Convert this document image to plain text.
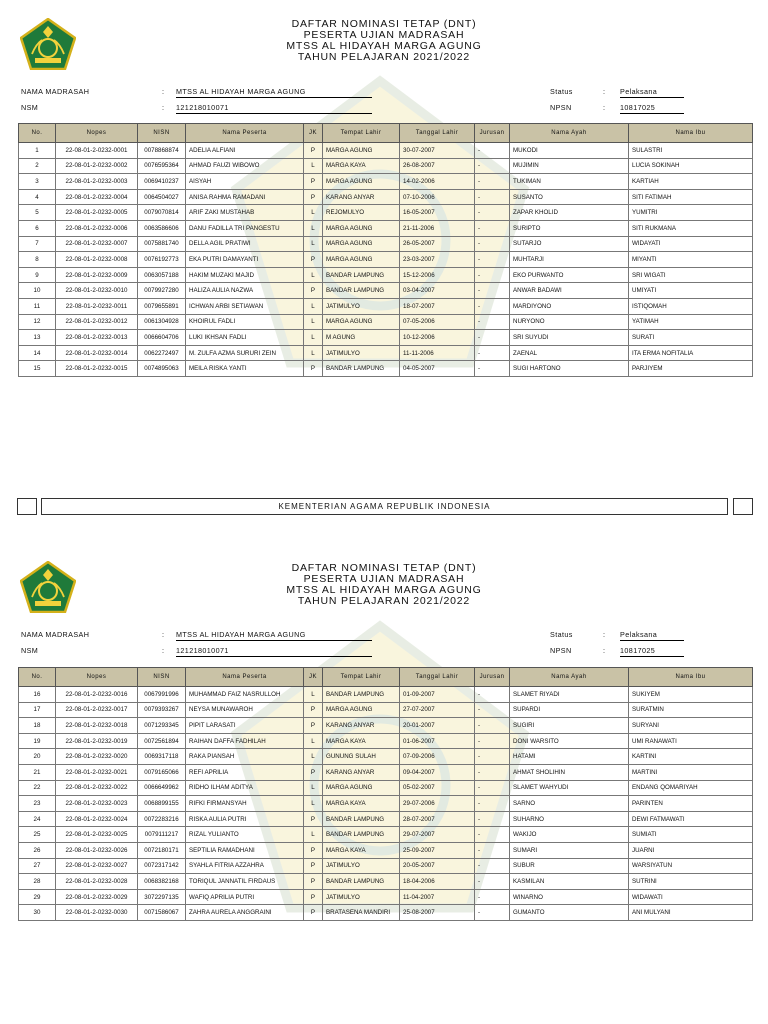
DAFTAR NOMINASI TETAP (DNT)
PESERTA UJIAN MADRASAH
MTSS AL HIDAYAH MARGA AGUNG
TAHUN PELAJARAN 2021/2022
NAMA MADRASAH	: MTSS AL HIDAYAH MARGA AGUNG
NSM	: 121218010071
Status	: Pelaksana
NPSN	: 10817025
No.	Nopes	NISN	Nama Peserta	JK	Tempat Lahir	Tanggal Lahir	Jurusan	Nama Ayah	Nama Ibu
1	22-08-01-2-0232-0001	0078868874	ADELIA ALFIANI	P	MARGA AGUNG	30-07-2007	-	MUKODI	SULASTRI
2	22-08-01-2-0232-0002	0076595364	AHMAD FAUZI WIBOWO	L	MARGA KAYA	26-08-2007	-	MUJIMIN	LUCIA SOKINAH
3	22-08-01-2-0232-0003	0069410237	AISYAH	P	MARGA AGUNG	14-02-2006	-	TUKIMAN	KARTIAH
4	22-08-01-2-0232-0004	0064504027	ANISA RAHMA RAMADANI	P	KARANG ANYAR	07-10-2006	-	SUSANTO	SITI FATIMAH
5	22-08-01-2-0232-0005	0079070814	ARIF ZAKI MUSTAHAB	L	REJOMULYO	16-05-2007	-	ZAPAR KHOLID	YUMITRI
6	22-08-01-2-0232-0006	0063586606	DANU FADILLA TRI PANGESTU	L	MARGA AGUNG	21-11-2006	-	SURIPTO	SITI RUKMANA
7	22-08-01-2-0232-0007	0075881740	DELLA AGIL PRATIWI	L	MARGA AGUNG	26-05-2007	-	SUTARJO	WIDAYATI
8	22-08-01-2-0232-0008	0076192773	EKA PUTRI DAMAYANTI	P	MARGA AGUNG	23-03-2007	-	MUHTARJI	MIYANTI
9	22-08-01-2-0232-0009	0063057188	HAKIM MUZAKI MAJID	L	BANDAR LAMPUNG	15-12-2006	-	EKO PURWANTO	SRI WIGATI
10	22-08-01-2-0232-0010	0079927280	HALIZA AULIA NAZWA	P	BANDAR LAMPUNG	03-04-2007	-	ANWAR BADAWI	UMIYATI
11	22-08-01-2-0232-0011	0079655891	ICHWAN ARBI SETIAWAN	L	JATIMULYO	18-07-2007	-	MARDIYONO	ISTIQOMAH
12	22-08-01-2-0232-0012	0061304928	KHOIRUL FADLI	L	MARGA AGUNG	07-05-2006	-	NURYONO	YATIMAH
13	22-08-01-2-0232-0013	0066604706	LUKI IKHSAN FADLI	L	M AGUNG	10-12-2006	-	SRI SUYUDI	SURATI
14	22-08-01-2-0232-0014	0062272497	M. ZULFA AZMA SURURI ZEIN	L	JATIMULYO	11-11-2006	-	ZAENAL	ITA ERMA NOFITALIA
15	22-08-01-2-0232-0015	0074895063	MEILA RISKA YANTI	P	BANDAR LAMPUNG	04-05-2007	-	SUGI HARTONO	PARJIYEM
KEMENTERIAN AGAMA REPUBLIK INDONESIA
DAFTAR NOMINASI TETAP (DNT)
PESERTA UJIAN MADRASAH
MTSS AL HIDAYAH MARGA AGUNG
TAHUN PELAJARAN 2021/2022
NAMA MADRASAH	: MTSS AL HIDAYAH MARGA AGUNG
NSM	: 121218010071
Status	: Pelaksana
NPSN	: 10817025
No.	Nopes	NISN	Nama Peserta	JK	Tempat Lahir	Tanggal Lahir	Jurusan	Nama Ayah	Nama Ibu
16	22-08-01-2-0232-0016	0067991996	MUHAMMAD FAIZ NASRULLOH	L	BANDAR LAMPUNG	01-09-2007	-	SLAMET RIYADI	SUKIYEM
17	22-08-01-2-0232-0017	0079393267	NEYSA MUNAWAROH	P	MARGA AGUNG	27-07-2007	-	SUPARDI	SURATMIN
18	22-08-01-2-0232-0018	0071293345	PIPIT LARASATI	P	KARANG ANYAR	20-01-2007	-	SUGIRI	SURYANI
19	22-08-01-2-0232-0019	0072561894	RAIHAN DAFFA FADHILAH	L	MARGA KAYA	01-06-2007	-	DONI WARSITO	UMI RANAWATI
20	22-08-01-2-0232-0020	0069317118	RAKA PIANSAH	L	GUNUNG SULAH	07-09-2006	-	HATAMI	KARTINI
21	22-08-01-2-0232-0021	0079165066	REFI APRILIA	P	KARANG ANYAR	09-04-2007	-	AHMAT SHOLIHIN	MARTINI
22	22-08-01-2-0232-0022	0066649962	RIDHO ILHAM ADITYA	L	MARGA AGUNG	05-02-2007	-	SLAMET WAHYUDI	ENDANG QOMARIYAH
23	22-08-01-2-0232-0023	0068899155	RIFKI FIRMANSYAH	L	MARGA KAYA	29-07-2006	-	SARNO	PARINTEN
24	22-08-01-2-0232-0024	0072283216	RISKA AULIA PUTRI	P	BANDAR LAMPUNG	28-07-2007	-	SUHARNO	DEWI FATMAWATI
25	22-08-01-2-0232-0025	0079111217	RIZAL YULIANTO	L	BANDAR LAMPUNG	29-07-2007	-	WAKIJO	SUMIATI
26	22-08-01-2-0232-0026	0072180171	SEPTILIA RAMADHANI	P	MARGA KAYA	25-09-2007	-	SUMARI	JUARNI
27	22-08-01-2-0232-0027	0072317142	SYAHLA FITRIA AZZAHRA	P	JATIMULYO	20-05-2007	-	SUBUR	WARSIYATUN
28	22-08-01-2-0232-0028	0068382168	TORIQUL JANNATIL FIRDAUS	P	BANDAR LAMPUNG	18-04-2006	-	KASMILAN	SUTRINI
29	22-08-01-2-0232-0029	3072297135	WAFIQ APRILIA PUTRI	P	JATIMULYO	11-04-2007	-	WINARNO	WIDAWATI
30	22-08-01-2-0232-0030	0071586067	ZAHRA AURELA ANGGRAINI	P	BRATASENA MANDIRI	25-08-2007	-	GUMANTO	ANI MULYANI
